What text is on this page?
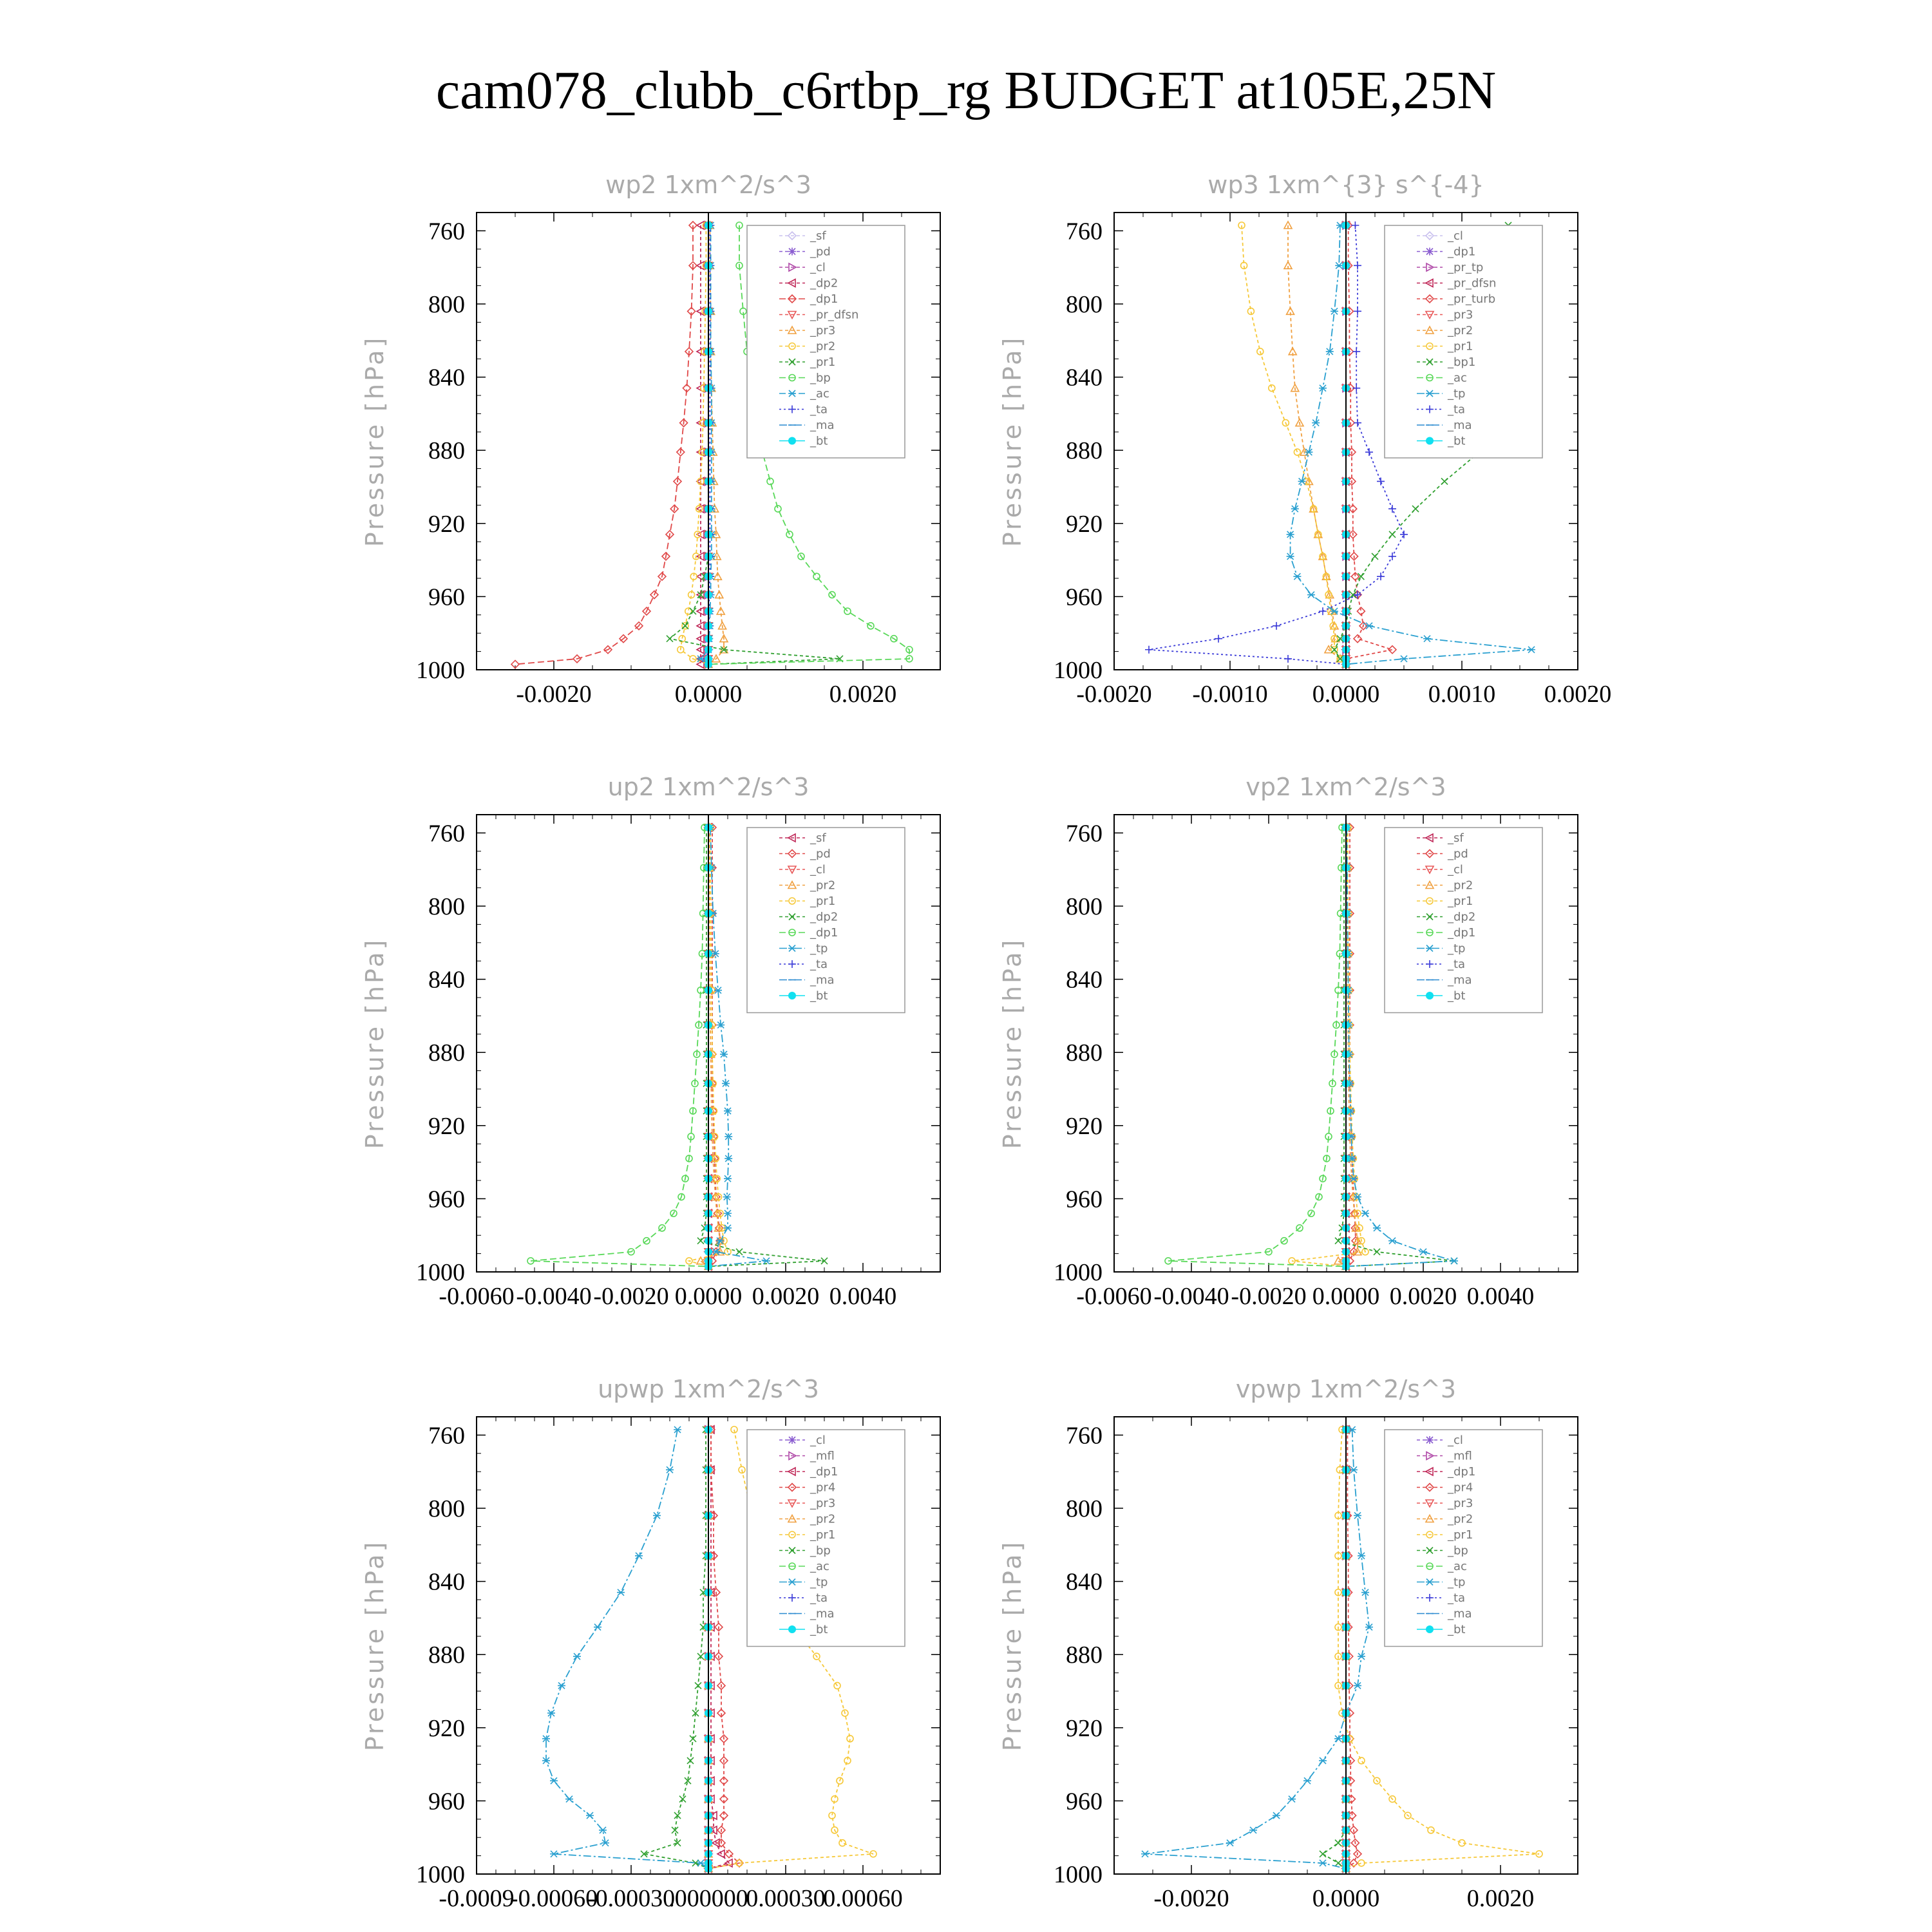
cam078_clubb_c6rtbp_rg BUDGET at105E,25N
wp2 1xm^2/s^3
Pressure [hPa]
760
800
840
880
920
960
1000
-0.0020	0.0000	0.0020
_sf
_pd
_cl
_dp2
_dp1
_pr_dfsn
_pr3
_pr2
_pr1
_bp
_ac
_ta
_ma
_bt
wp3 1xm^{3} s^{-4}
Pressure [hPa]
760
800
840
880
920
960
1000
-0.0020 -0.0010 0.0000 0.0010 0.0020
_cl
_dp1
_pr_tp
_pr_dfsn
_pr_turb
_pr3
_pr2
_pr1
_bp1
_ac
_tp
_ta
_ma
_bt
up2 1xm^2/s^3
Pressure [hPa]
760
800
840
880
920
960
1000
-0.0060 -0.0040 -0.0020 0.0000 0.0020 0.0040
_sf
_pd
_cl
_pr2
_pr1
_dp2
_dp1
_tp
_ta
_ma
_bt
vp2 1xm^2/s^3
Pressure [hPa]
760
800
840
880
920
960
1000
-0.0060 -0.0040 -0.0020 0.0000 0.0020 0.0040
_sf
_pd
_cl
_pr2
_pr1
_dp2
_dp1
_tp
_ta
_ma
_bt
upwp 1xm^2/s^3
Pressure [hPa]
760
800
840
880
920
960
1000
-0.0009
-0.00060
-0.00030
.000000
0.00030
0.00060
_cl
_mfl
_dp1
_pr4
_pr3
_pr2
_pr1
_bp
_ac
_tp
_ta
_ma
_bt
vpwp 1xm^2/s^3
Pressure [hPa]
760
800
840
880
920
960
1000
-0.0020	0.0000	0.0020
_cl
_mfl
_dp1
_pr4
_pr3
_pr2
_pr1
_bp
_ac
_tp
_ta
_ma
_bt
